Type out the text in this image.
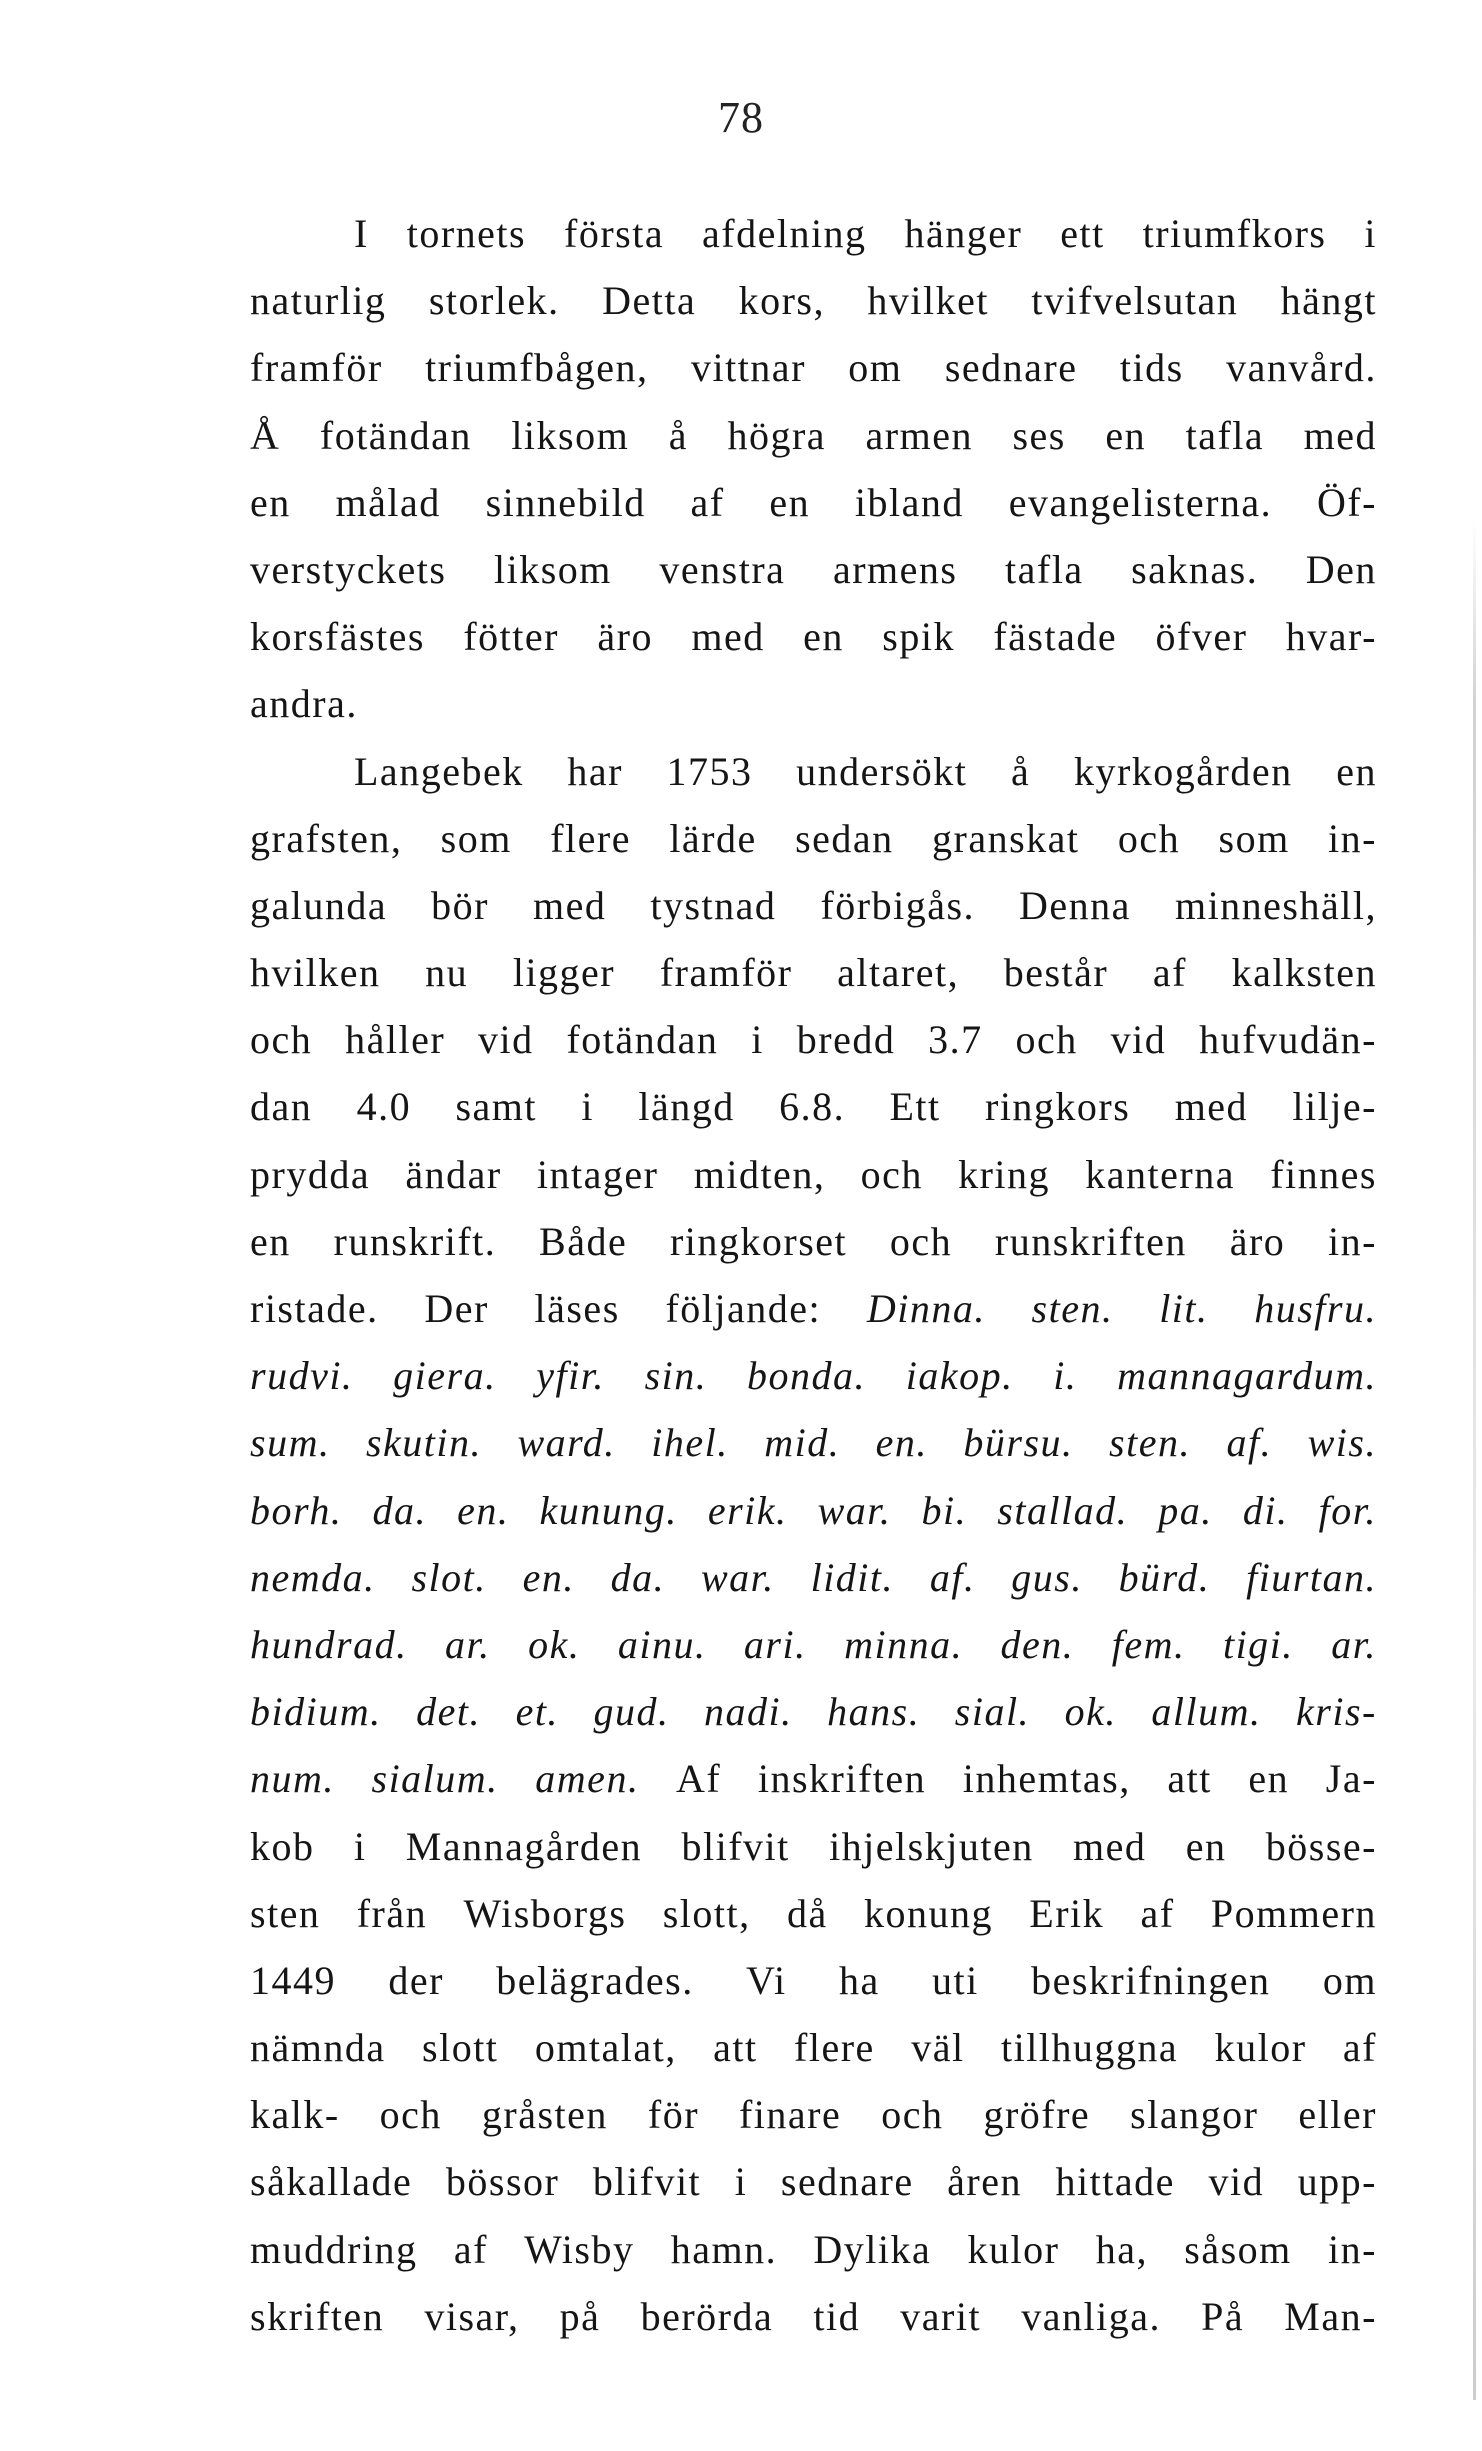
78
I tornets första afdelning hänger ett triumfkors i
naturlig storlek. Detta kors, hvilket tvifvelsutan hängt
framför triumfbågen, vittnar om sednare tids vanvård.
Å fotändan liksom å högra armen ses en tafla med
en målad sinnebild af en ibland evangelisterna. Öf-
verstyckets liksom venstra armens tafla saknas. Den
korsfästes fötter äro med en spik fästade öfver hvar-
andra.
Langebek har 1753 undersökt å kyrkogården en
grafsten, som flere lärde sedan granskat och som in-
galunda bör med tystnad förbigås. Denna minneshäll,
hvilken nu ligger framför altaret, består af kalksten
och håller vid fotändan i bredd 3.7 och vid hufvudän-
dan 4.0 samt i längd 6.8. Ett ringkors med lilje-
prydda ändar intager midten, och kring kanterna finnes
en runskrift. Både ringkorset och runskriften äro in-
ristade. Der läses följande: Dinna. sten. lit. husfru.
rudvi. giera. yfir. sin. bonda. iakop. i. mannagardum.
sum. skutin. ward. ihel. mid. en. bürsu. sten. af. wis.
borh. da. en. kunung. erik. war. bi. stallad. pa. di. for.
nemda. slot. en. da. war. lidit. af. gus. bürd. fiurtan.
hundrad. ar. ok. ainu. ari. minna. den. fem. tigi. ar.
bidium. det. et. gud. nadi. hans. sial. ok. allum. kris-
num. sialum. amen. Af inskriften inhemtas, att en Ja-
kob i Mannagården blifvit ihjelskjuten med en bösse-
sten från Wisborgs slott, då konung Erik af Pommern
1449 der belägrades. Vi ha uti beskrifningen om
nämnda slott omtalat, att flere väl tillhuggna kulor af
kalk- och gråsten för finare och gröfre slangor eller
såkallade bössor blifvit i sednare åren hittade vid upp-
muddring af Wisby hamn. Dylika kulor ha, såsom in-
skriften visar, på berörda tid varit vanliga. På Man-
